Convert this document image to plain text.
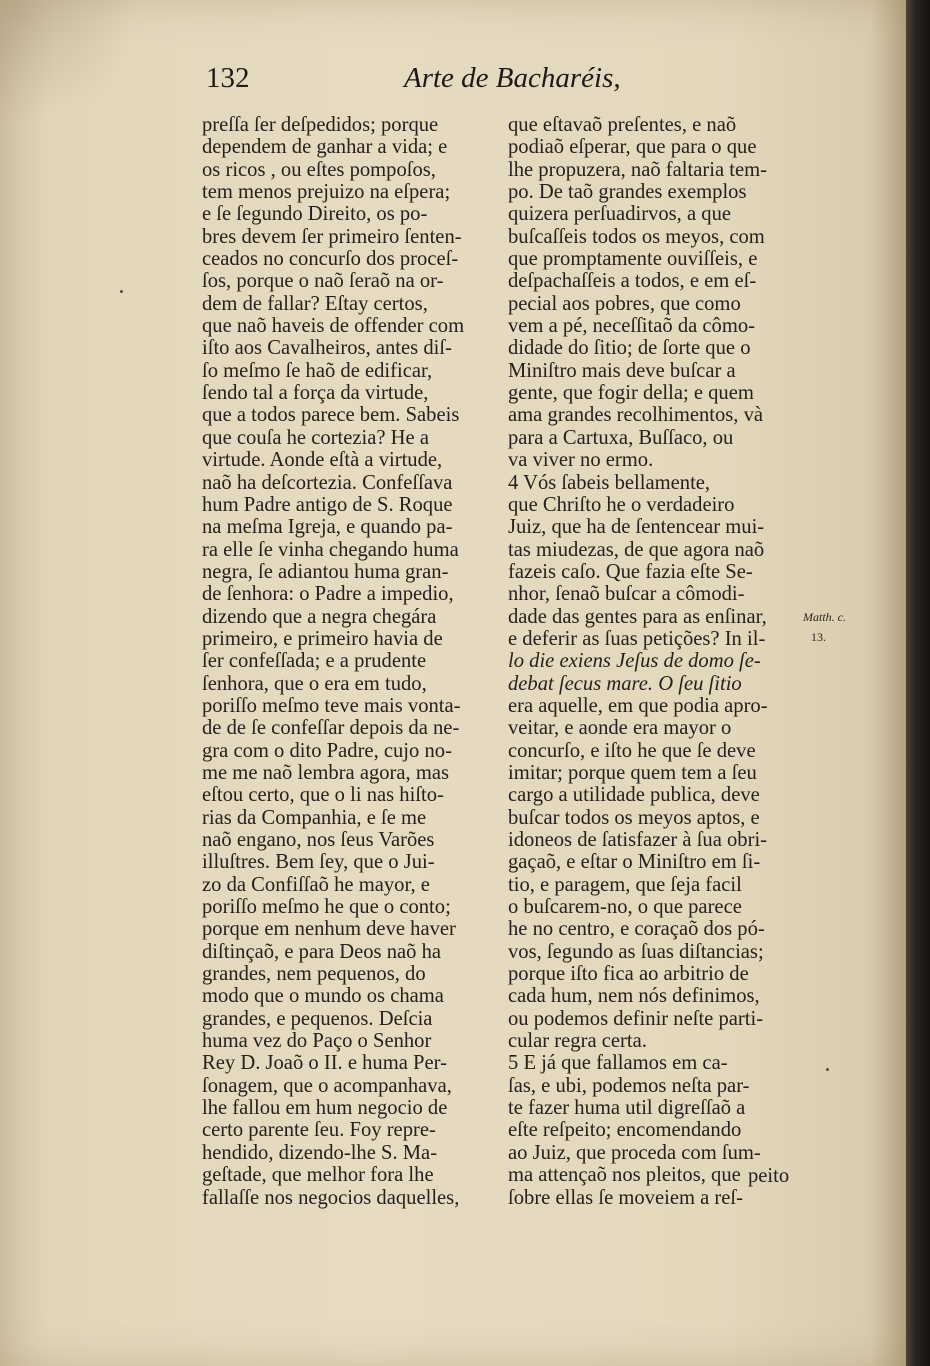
132	Arte de Bacharéis,
preſſa ſer deſpedidos; porque
dependem de ganhar a vida; e
os ricos , ou eſtes pompoſos,
tem menos prejuizo na eſpera;
e ſe ſegundo Direito, os po-
bres devem ſer primeiro ſenten-
ceados no concurſo dos proceſ-
ſos, porque o naõ ſeraõ na or-
dem de fallar? Eſtay certos,
que naõ haveis de offender com
iſto aos Cavalheiros, antes diſ-
ſo meſmo ſe haõ de edificar,
ſendo tal a força da virtude,
que a todos parece bem. Sabeis
que couſa he cortezia? He a
virtude. Aonde eſtà a virtude,
naõ ha deſcortezia. Confeſſava
hum Padre antigo de S. Roque
na meſma Igreja, e quando pa-
ra elle ſe vinha chegando huma
negra, ſe adiantou huma gran-
de ſenhora: o Padre a impedio,
dizendo que a negra chegára
primeiro, e primeiro havia de
ſer confeſſada; e a prudente
ſenhora, que o era em tudo,
poriſſo meſmo teve mais vonta-
de de ſe confeſſar depois da ne-
gra com o dito Padre, cujo no-
me me naõ lembra agora, mas
eſtou certo, que o li nas hiſto-
rias da Companhia, e ſe me
naõ engano, nos ſeus Varões
illuſtres. Bem ſey, que o Jui-
zo da Confiſſaõ he mayor, e
poriſſo meſmo he que o conto;
porque em nenhum deve haver
diſtinçaõ, e para Deos naõ ha
grandes, nem pequenos, do
modo que o mundo os chama
grandes, e pequenos. Deſcia
huma vez do Paço o Senhor
Rey D. Joaõ o II. e huma Per-
ſonagem, que o acompanhava,
lhe fallou em hum negocio de
certo parente ſeu. Foy repre-
hendido, dizendo-lhe S. Ma-
geſtade, que melhor fora lhe
fallaſſe nos negocios daquelles,
que eſtavaõ preſentes, e naõ
podiaõ eſperar, que para o que
lhe propuzera, naõ faltaria tem-
po. De taõ grandes exemplos
quizera perſuadirvos, a que
buſcaſſeis todos os meyos, com
que promptamente ouviſſeis, e
deſpachaſſeis a todos, e em eſ-
pecial aos pobres, que como
vem a pé, neceſſitaõ da cômo-
didade do ſitio; de ſorte que o
Miniſtro mais deve buſcar a
gente, que fogir della; e quem
ama grandes recolhimentos, và
para a Cartuxa, Buſſaco, ou
va viver no ermo.
4 Vós ſabeis bellamente,
que Chriſto he o verdadeiro
Juiz, que ha de ſentencear mui-
tas miudezas, de que agora naõ
fazeis caſo. Que fazia eſte Se-
nhor, ſenaõ buſcar a cômodi-
dade das gentes para as enſinar,
e deferir as ſuas petições? In il-
lo die exiens Jeſus de domo ſe-
debat ſecus mare. O ſeu ſitio
era aquelle, em que podia apro-
veitar, e aonde era mayor o
concurſo, e iſto he que ſe deve
imitar; porque quem tem a ſeu
cargo a utilidade publica, deve
buſcar todos os meyos aptos, e
idoneos de ſatisfazer à ſua obri-
gaçaõ, e eſtar o Miniſtro em ſi-
tio, e paragem, que ſeja facil
o buſcarem-no, o que parece
he no centro, e coraçaõ dos pó-
vos, ſegundo as ſuas diſtancias;
porque iſto fica ao arbitrio de
cada hum, nem nós definimos,
ou podemos definir neſte parti-
cular regra certa.
5 E já que fallamos em ca-
ſas, e ubi, podemos neſta par-
te fazer huma util digreſſaõ a
eſte reſpeito; encomendando
ao Juiz, que proceda com ſum-
ma attençaõ nos pleitos, que
ſobre ellas ſe moveiem a reſ-
Matth. c.
13.
peito
